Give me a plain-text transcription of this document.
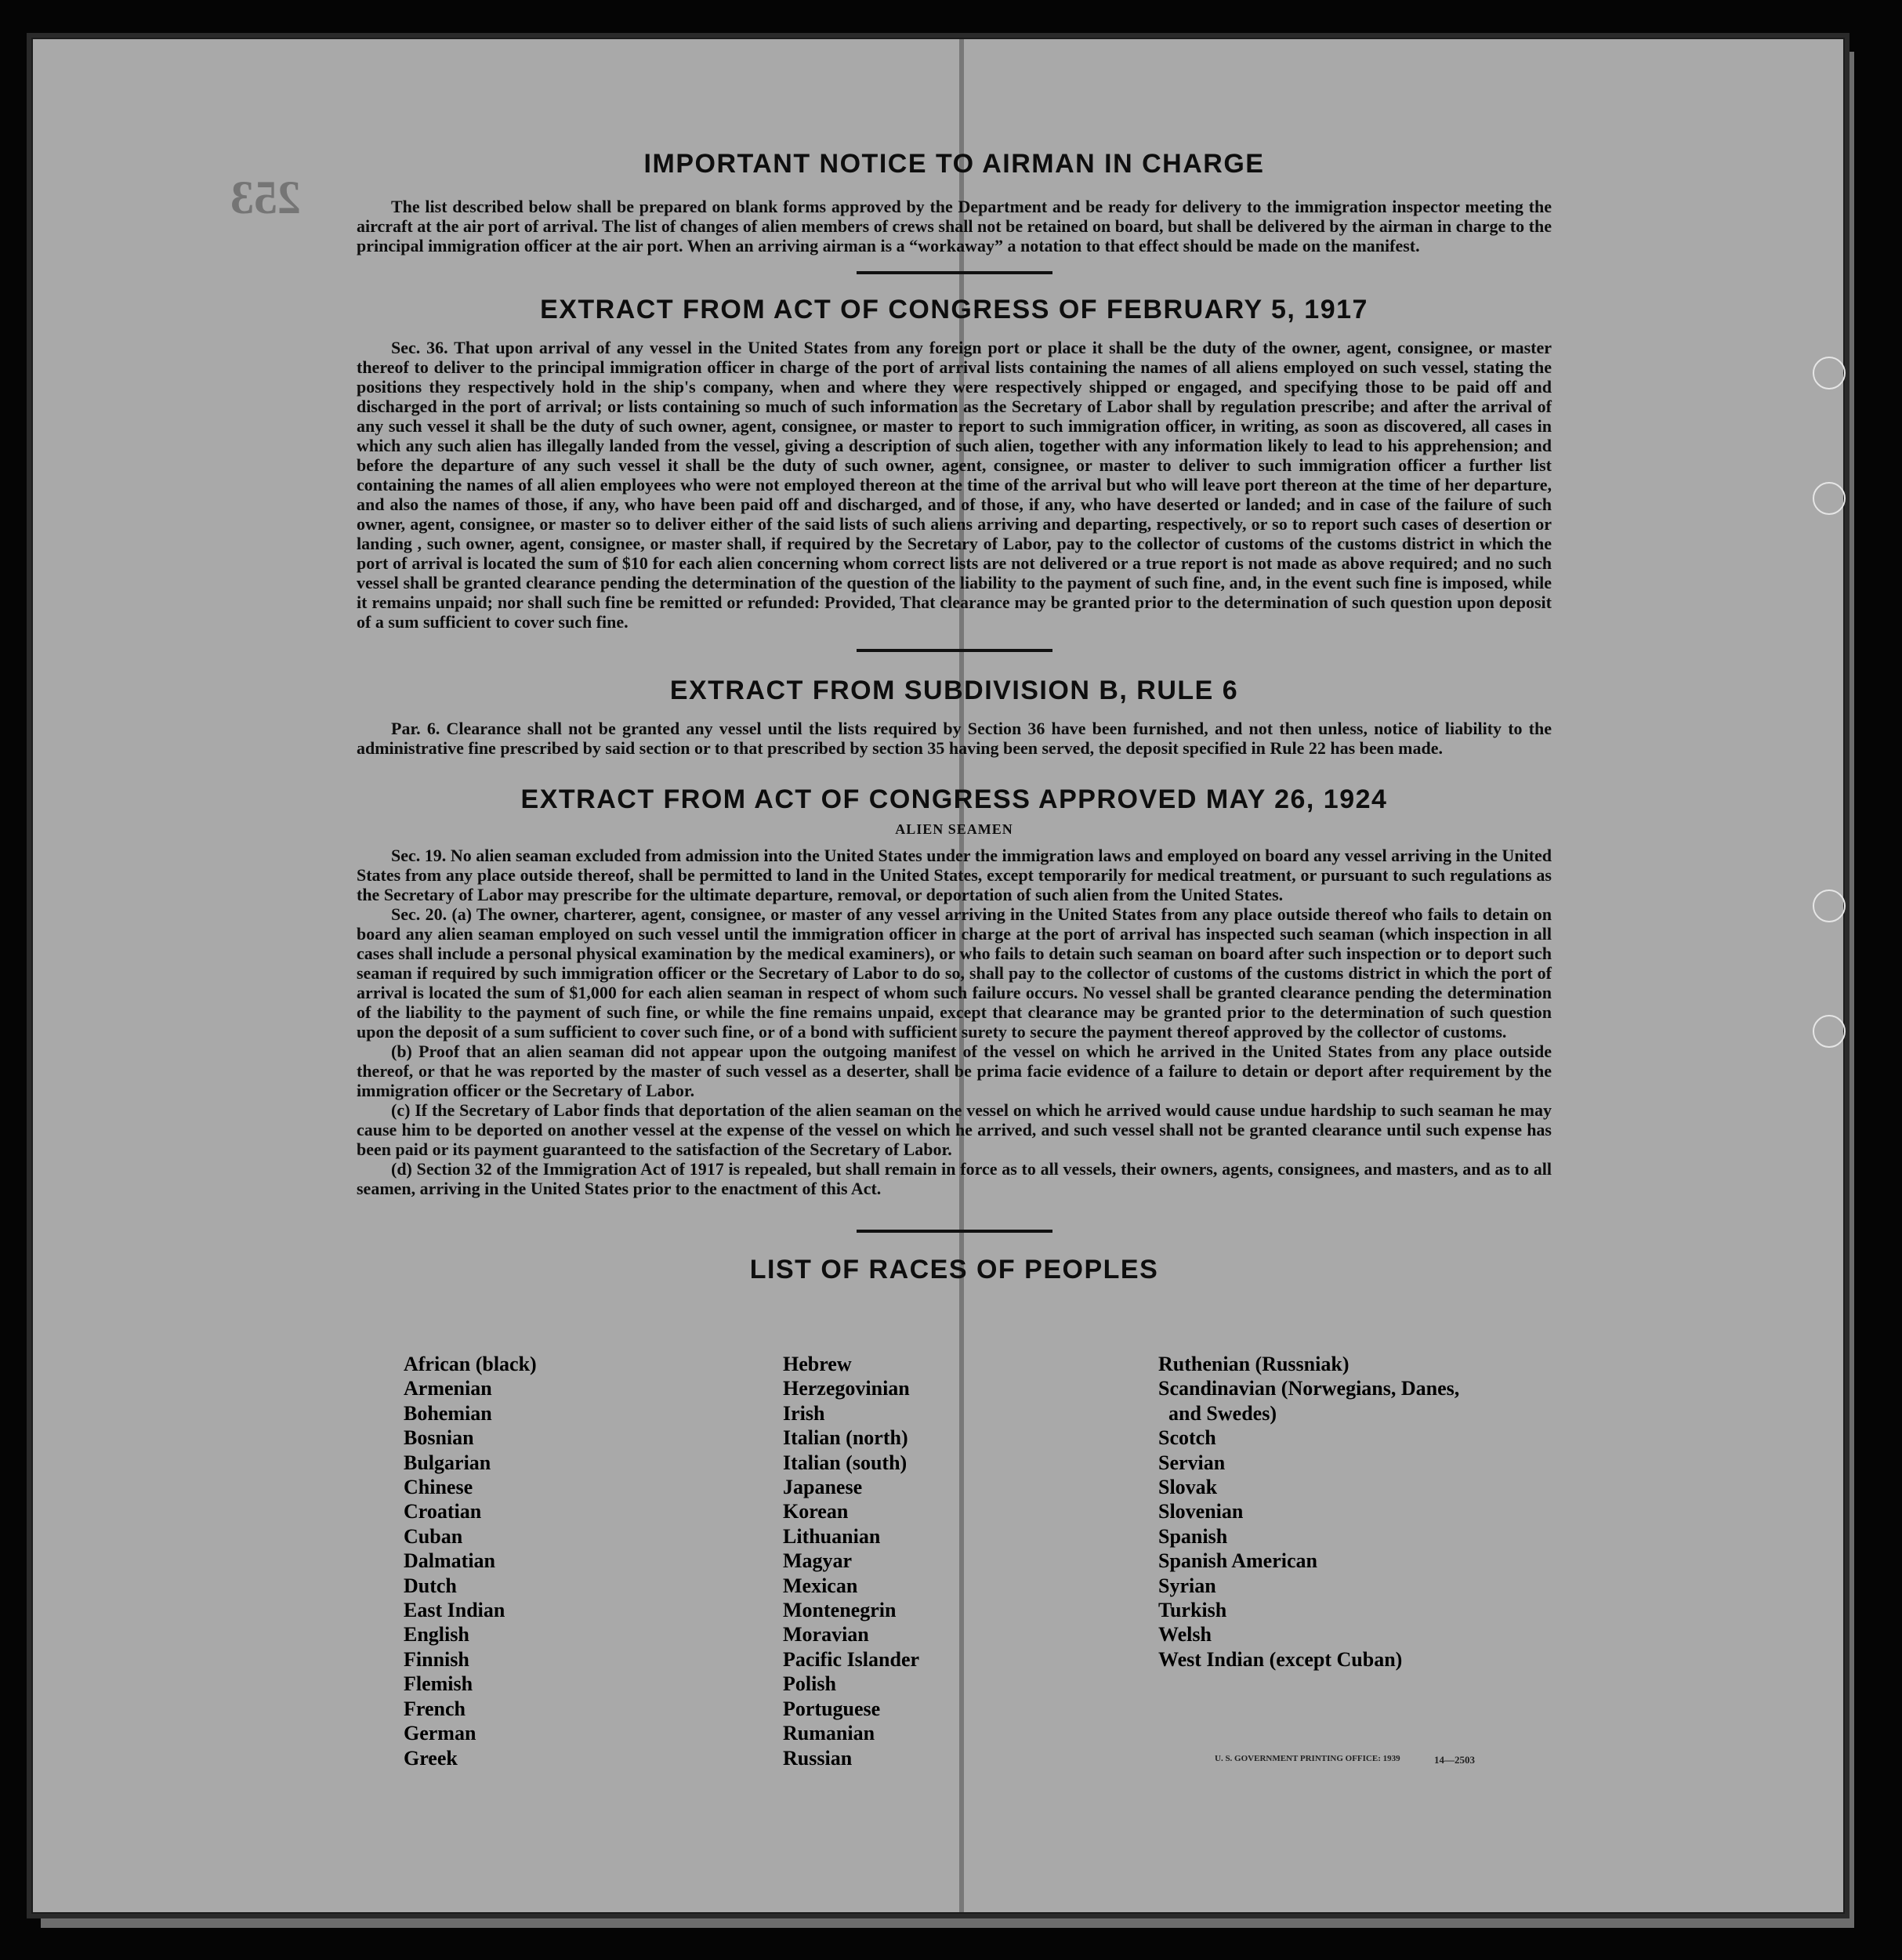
253
IMPORTANT NOTICE TO AIRMAN IN CHARGE

The list described below shall be prepared on blank forms approved by the Department and be ready for delivery to the immigration inspector meeting the aircraft at the air port of arrival. The list of changes of alien members of crews shall not be retained on board, but shall be delivered by the airman in charge to the principal immigration officer at the air port. When an arriving airman is a “workaway” a notation to that effect should be made on the manifest.

EXTRACT FROM ACT OF CONGRESS OF FEBRUARY 5, 1917

Sec. 36. That upon arrival of any vessel in the United States from any foreign port or place it shall be the duty of the owner, agent, consignee, or master thereof to deliver to the principal immigration officer in charge of the port of arrival lists containing the names of all aliens employed on such vessel, stating the positions they respectively hold in the ship's company, when and where they were respectively shipped or engaged, and specifying those to be paid off and discharged in the port of arrival; or lists containing so much of such information as the Secretary of Labor shall by regulation prescribe; and after the arrival of any such vessel it shall be the duty of such owner, agent, consignee, or master to report to such immigration officer, in writing, as soon as discovered, all cases in which any such alien has illegally landed from the vessel, giving a description of such alien, together with any information likely to lead to his apprehension; and before the departure of any such vessel it shall be the duty of such owner, agent, consignee, or master to deliver to such immigration officer a further list containing the names of all alien employees who were not employed thereon at the time of the arrival but who will leave port thereon at the time of her departure, and also the names of those, if any, who have been paid off and discharged, and of those, if any, who have deserted or landed; and in case of the failure of such owner, agent, consignee, or master so to deliver either of the said lists of such aliens arriving and departing, respectively, or so to report such cases of desertion or landing , such owner, agent, consignee, or master shall, if required by the Secretary of Labor, pay to the collector of customs of the customs district in which the port of arrival is located the sum of $10 for each alien concerning whom correct lists are not delivered or a true report is not made as above required; and no such vessel shall be granted clearance pending the determination of the question of the liability to the payment of such fine, and, in the event such fine is imposed, while it remains unpaid; nor shall such fine be remitted or refunded: Provided, That clearance may be granted prior to the determination of such question upon deposit of a sum sufficient to cover such fine.

EXTRACT FROM SUBDIVISION B, RULE 6

Par. 6. Clearance shall not be granted any vessel until the lists required by Section 36 have been furnished, and not then unless, notice of liability to the administrative fine prescribed by said section or to that prescribed by section 35 having been served, the deposit specified in Rule 22 has been made.

EXTRACT FROM ACT OF CONGRESS APPROVED MAY 26, 1924
ALIEN SEAMEN

Sec. 19. No alien seaman excluded from admission into the United States under the immigration laws and employed on board any vessel arriving in the United States from any place outside thereof, shall be permitted to land in the United States, except temporarily for medical treatment, or pursuant to such regulations as the Secretary of Labor may prescribe for the ultimate departure, removal, or deportation of such alien from the United States.

Sec. 20. (a) The owner, charterer, agent, consignee, or master of any vessel arriving in the United States from any place outside thereof who fails to detain on board any alien seaman employed on such vessel until the immigration officer in charge at the port of arrival has inspected such seaman (which inspection in all cases shall include a personal physical examination by the medical examiners), or who fails to detain such seaman on board after such inspection or to deport such seaman if required by such immigration officer or the Secretary of Labor to do so, shall pay to the collector of customs of the customs district in which the port of arrival is located the sum of $1,000 for each alien seaman in respect of whom such failure occurs. No vessel shall be granted clearance pending the determination of the liability to the payment of such fine, or while the fine remains unpaid, except that clearance may be granted prior to the determination of such question upon the deposit of a sum sufficient to cover such fine, or of a bond with sufficient surety to secure the payment thereof approved by the collector of customs.

(b) Proof that an alien seaman did not appear upon the outgoing manifest of the vessel on which he arrived in the United States from any place outside thereof, or that he was reported by the master of such vessel as a deserter, shall be prima facie evidence of a failure to detain or deport after requirement by the immigration officer or the Secretary of Labor.

(c) If the Secretary of Labor finds that deportation of the alien seaman on the vessel on which he arrived would cause undue hardship to such seaman he may cause him to be deported on another vessel at the expense of the vessel on which he arrived, and such vessel shall not be granted clearance until such expense has been paid or its payment guaranteed to the satisfaction of the Secretary of Labor.

(d) Section 32 of the Immigration Act of 1917 is repealed, but shall remain in force as to all vessels, their owners, agents, consignees, and masters, and as to all seamen, arriving in the United States prior to the enactment of this Act.

LIST OF RACES OF PEOPLES
African (black)
Armenian
Bohemian
Bosnian
Bulgarian
Chinese
Croatian
Cuban
Dalmatian
Dutch
East Indian
English
Finnish
Flemish
French
German
Greek
Hebrew
Herzegovinian
Irish
Italian (north)
Italian (south)
Japanese
Korean
Lithuanian
Magyar
Mexican
Montenegrin
Moravian
Pacific Islander
Polish
Portuguese
Rumanian
Russian
Ruthenian (Russniak)
Scandinavian (Norwegians, Danes,
and Swedes)
Scotch
Servian
Slovak
Slovenian
Spanish
Spanish American
Syrian
Turkish
Welsh
West Indian (except Cuban)
U. S. GOVERNMENT PRINTING OFFICE: 1939	14—2503
